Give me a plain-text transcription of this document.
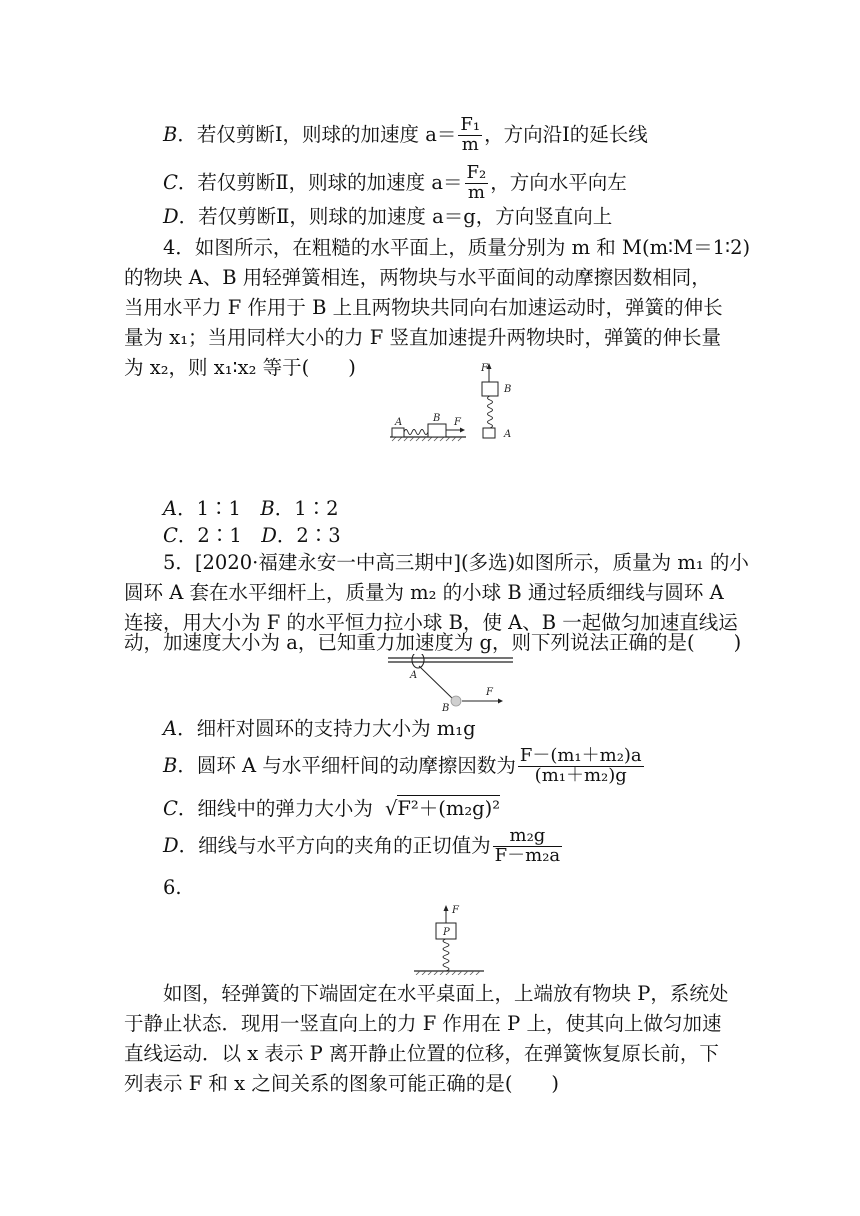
B．若仅剪断Ⅰ，则球的加速度 $a= \frac{\text{F₁}}{m}$ ，方向沿Ⅰ的延长线
C．若仅剪断Ⅱ，则球的加速度 $a= \frac{\text{F₂}}{m}$ ，方向水平向左
D．若仅剪断Ⅱ，则球的加速度 a＝g，方向竖直向上
4．如图所示，在粗糙的水平面上，质量分别为 m 和 M(m∶M＝1∶2)
的物块 A、B 用轻弹簧相连，两物块与水平面间的动摩擦因数相同，
当用水平力 F 作用于 B 上且两物块共同向右加速运动时，弹簧的伸长
量为 x₁；当用同样大小的力 F 竖直加速提升两物块时，弹簧的伸长量
为 x₂，则 x₁∶x₂ 等于(　　)
A	B F
F
B
A
A．1∶1　B．1∶2
C．2∶1　D．2∶3
5．[2020·福建永安一中高三期中](多选)如图所示，质量为 m₁ 的小
圆环 A 套在水平细杆上，质量为 m₂ 的小球 B 通过轻质细线与圆环 A
连接，用大小为 F 的水平恒力拉小球 B，使 A、B 一起做匀加速直线运
动，加速度大小为 a，已知重力加速度为 g，则下列说法正确的是(　　)
A
B
F
A．细杆对圆环的支持力大小为 m₁g
B．圆环 A 与水平细杆间的动摩擦因数为 $\frac{\text{F－(m₁＋m₂)a}}{\text{(m₁＋m₂)g}}$
C．细线中的弹力大小为 √F²＋(m₂g)²
D．细线与水平方向的夹角的正切值为 $\frac{\text{m₂g}}{\text{F－m₂a}}$
6.
F
P
如图，轻弹簧的下端固定在水平桌面上，上端放有物块 P，系统处
于静止状态．现用一竖直向上的力 F 作用在 P 上，使其向上做匀加速
直线运动．以 x 表示 P 离开静止位置的位移，在弹簧恢复原长前，下
列表示 F 和 x 之间关系的图象可能正确的是(　　)
